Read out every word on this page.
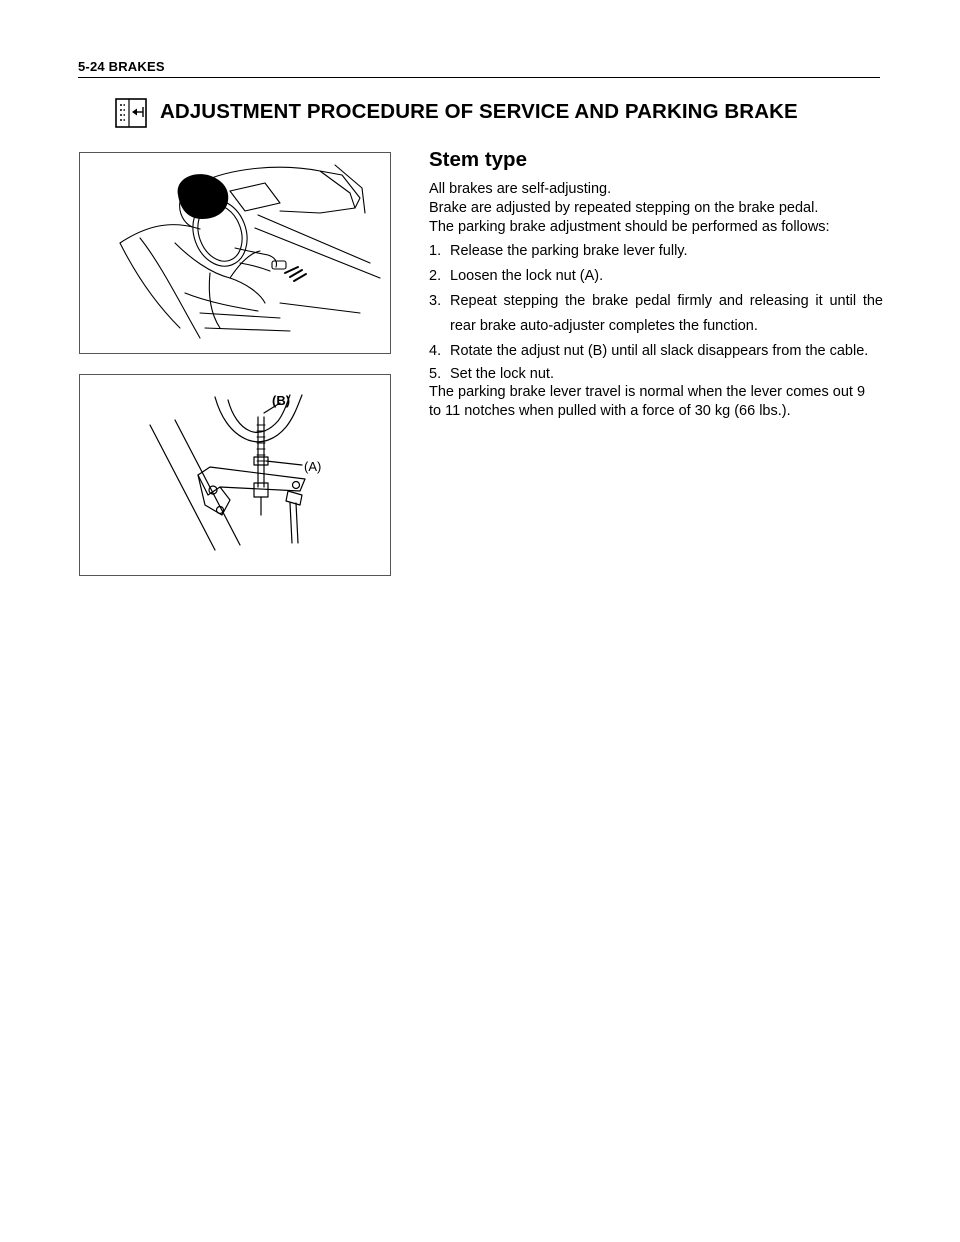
5-24 BRAKES
ADJUSTMENT PROCEDURE OF SERVICE AND PARKING BRAKE
(B)
(A)
Stem type

All brakes are self-adjusting.

Brake are adjusted by repeated stepping on the brake pedal.

The parking brake adjustment should be performed as follows:

1. Release the parking brake lever fully.
2. Loosen the lock nut (A).
3. Repeat stepping the brake pedal firmly and releasing it until the rear brake auto-adjuster completes the function.
4. Rotate the adjust nut (B) until all slack disappears from the cable.
5. Set the lock nut.

The parking brake lever travel is normal when the lever comes out 9 to 11 notches when pulled with a force of 30 kg (66 lbs.).
